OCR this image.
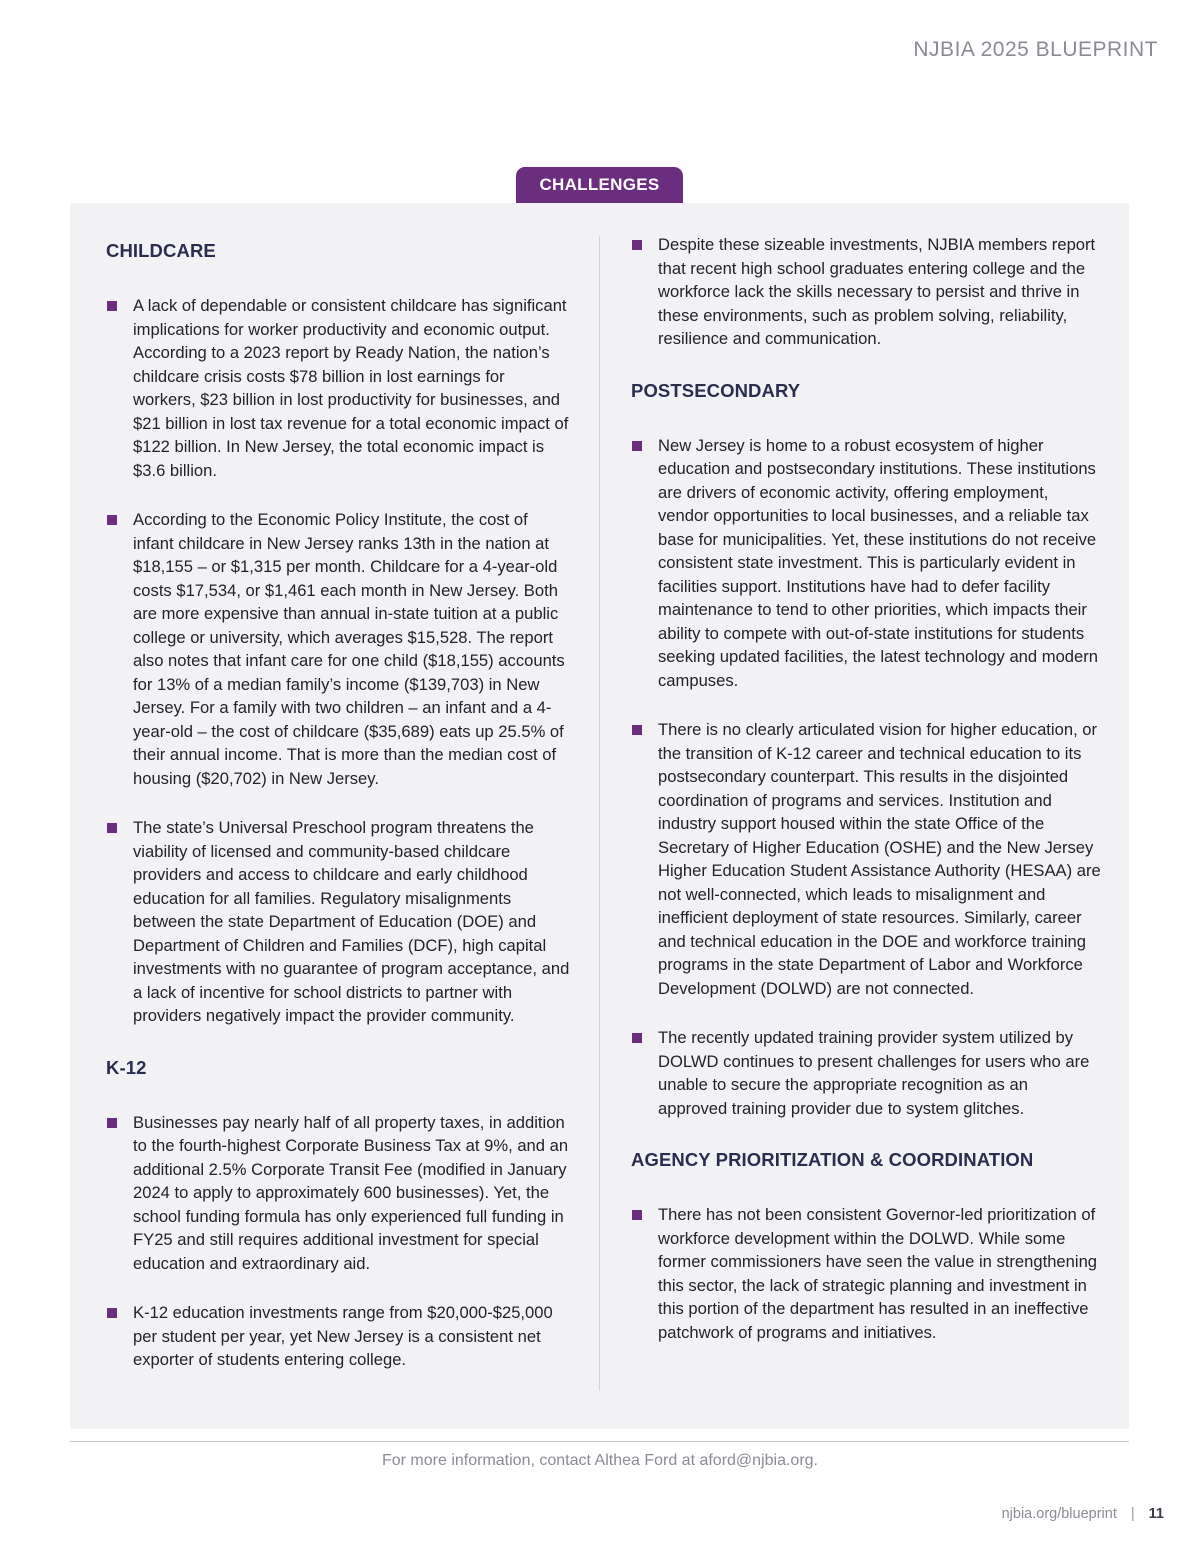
NJBIA 2025 BLUEPRINT
CHALLENGES
CHILDCARE
A lack of dependable or consistent childcare has significant implications for worker productivity and economic output. According to a 2023 report by Ready Nation, the nation’s childcare crisis costs $78 billion in lost earnings for workers, $23 billion in lost productivity for businesses, and $21 billion in lost tax revenue for a total economic impact of $122 billion. In New Jersey, the total economic impact is $3.6 billion.
According to the Economic Policy Institute, the cost of infant childcare in New Jersey ranks 13th in the nation at $18,155 – or $1,315 per month. Childcare for a 4-year-old costs $17,534, or $1,461 each month in New Jersey. Both are more expensive than annual in-state tuition at a public college or university, which averages $15,528. The report also notes that infant care for one child ($18,155) accounts for 13% of a median family’s income ($139,703) in New Jersey. For a family with two children – an infant and a 4-year-old – the cost of childcare ($35,689) eats up 25.5% of their annual income. That is more than the median cost of housing ($20,702) in New Jersey.
The state’s Universal Preschool program threatens the viability of licensed and community-based childcare providers and access to childcare and early childhood education for all families. Regulatory misalignments between the state Department of Education (DOE) and Department of Children and Families (DCF), high capital investments with no guarantee of program acceptance, and a lack of incentive for school districts to partner with providers negatively impact the provider community.
K-12
Businesses pay nearly half of all property taxes, in addition to the fourth-highest Corporate Business Tax at 9%, and an additional 2.5% Corporate Transit Fee (modified in January 2024 to apply to approximately 600 businesses). Yet, the school funding formula has only experienced full funding in FY25 and still requires additional investment for special education and extraordinary aid.
K-12 education investments range from $20,000-$25,000 per student per year, yet New Jersey is a consistent net exporter of students entering college.
Despite these sizeable investments, NJBIA members report that recent high school graduates entering college and the workforce lack the skills necessary to persist and thrive in these environments, such as problem solving, reliability, resilience and communication.
POSTSECONDARY
New Jersey is home to a robust ecosystem of higher education and postsecondary institutions. These institutions are drivers of economic activity, offering employment, vendor opportunities to local businesses, and a reliable tax base for municipalities. Yet, these institutions do not receive consistent state investment. This is particularly evident in facilities support. Institutions have had to defer facility maintenance to tend to other priorities, which impacts their ability to compete with out-of-state institutions for students seeking updated facilities, the latest technology and modern campuses.
There is no clearly articulated vision for higher education, or the transition of K-12 career and technical education to its postsecondary counterpart. This results in the disjointed coordination of programs and services. Institution and industry support housed within the state Office of the Secretary of Higher Education (OSHE) and the New Jersey Higher Education Student Assistance Authority (HESAA) are not well-connected, which leads to misalignment and inefficient deployment of state resources. Similarly, career and technical education in the DOE and workforce training programs in the state Department of Labor and Workforce Development (DOLWD) are not connected.
The recently updated training provider system utilized by DOLWD continues to present challenges for users who are unable to secure the appropriate recognition as an approved training provider due to system glitches.
AGENCY PRIORITIZATION & COORDINATION
There has not been consistent Governor-led prioritization of workforce development within the DOLWD. While some former commissioners have seen the value in strengthening this sector, the lack of strategic planning and investment in this portion of the department has resulted in an ineffective patchwork of programs and initiatives.
For more information, contact Althea Ford at aford@njbia.org.
njbia.org/blueprint | 11
